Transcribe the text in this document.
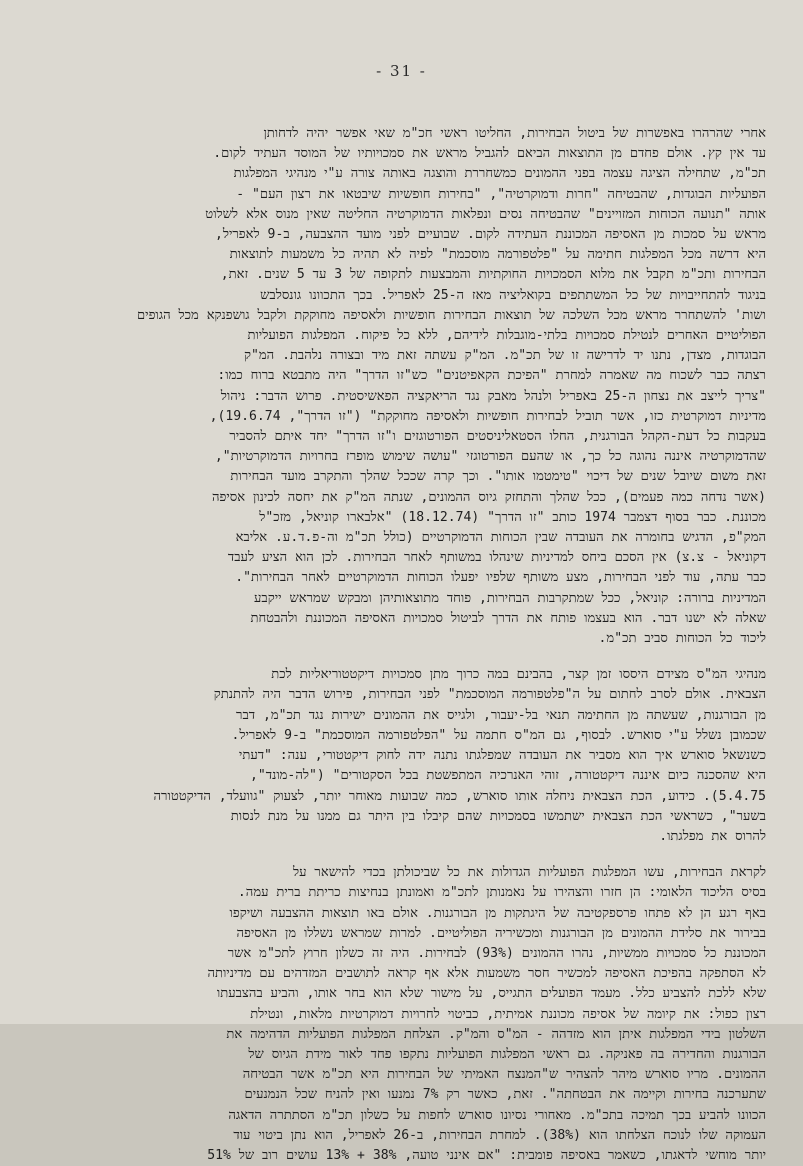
- 31 -

אחרי שהרהרו באפשרות של ביטול הבחירות, החליטו ראשי חכ"מ שאי אפשר יהיה לדחותן
עד אין קץ. אולם פחדם מן התוצאות הביאם להגביל מראש את סמכויותיו של המוסד העתיד לקום.
תכ"מ, שתחילה הציגה עצמה בפני ההמונים כמשחררת והוצגה באותה צורה ע"י מנהיגי המפלגות
הפועליות הבוגדות, שהבטיחה "חרות ודמוקרטיה", "בחירות חופשיות שיבטאו את רצון העם" -
אותה "תנועה הכוחות המזויינים" שהבטיחה נסים ונפלאות הדמוקרטיה החליטה שאין מנוס אלא לשלוט
מראש על סמכות מן האסיפה המכוננת העתידה לקום. שבועיים לפני מועד ההצבעה, ב-9 לאפריל,
היא דרשה מכל המפלגות חתימה על "פלטפורמה מוסכמת" לפיה לא תהיה כל משמעות לתוצאות
הבחירות ותכ"מ תקבל את מלוא הסמכויות החוקתיות והמבצעות לתקופה של 3 עד 5 שנים. זאת,
בניגוד להתחייבויות של כל המשתתפים בקואליציה מאז ה-25 לאפריל. בכך התכוונו גונסלבש
ושות' להשתחרר מראש מכל השלכה של תוצאות הבחירות חופשיות ולאסיפה מחוקקת ולקבל גושפנקא מכל הגופים
הפוליטיים האחרים לנטילת סמכויות בלתי-מוגבלות לידיהם, ללא כל פיקוח. המפלגות הפועליות
הבוגדות, מצדן, נתנו יד לדרישה זו של תכ"מ. המ"ק עשתה זאת מיד ובצורה נלהבת. המ"ק
רצתה כבר לשכוח מה שאמרה למחרת "הפיכת הקאפיטנים" כש"זו הדרך" היה מתבטא ברוח כמו:
"צריך לייצב את נצחון ה-25 באפריל ולנהל מאבק נגד הריאקציה הפאשיסטית. פרוש הדבר: ניהול
מדיניות דמוקרטית כזו, אשר תוביל לבחירות חופשיות ולאסיפה מחוקקת" ("זו הדרך", 19.6.74),
בעקבות כל דעת-הקהל הבורגנית, החלו הסטאליניסטים הפורטוגזים ו"זו הדרך" יחד איתם להסביר
שהדמוקרטיה איננה נהוגה כל כך, או שהעם הפורטוגזי "עושה שימוש מופרז בחרויות הדמוקרטיות",
זאת משום שיובל שנים של דיכוי "טימטמו אותו". וכך קרה שככל שהלך והתקרב מועד הבחירות
(אשר נדחה כמה פעמים), ככל שהלך והתחזק גיוס ההמונים, שנתה המ"ק את יחסה לכינון אסיפה
מכוננת. כבר בסוף דצמבר 1974 כותב "זו הדרך" (18.12.74) "אלבארו קוניאל, מזכ"ל
המק"פ, הדגיש בחומרה את העובדה שבין הכוחות הדמוקרטיים (כולל תכ"מ וה-פ.ד.ע. אליבא
דקוניאל - צ.צ) אין הסכם ביחס למדיניות שינהלו במשותף לאחר הבחירות. לכן הוא הציע לעבד
כבר עתה, עוד לפני הבחירות, מצע משותף שלפיו יפעלו הכוחות הדמוקרטיים לאחר הבחירות".
המדיניות ברורה: קוניאל, ככל שמתקרבות הבחירות, פוחד מתוצאותיהן ומבקש שמראש ייקבע
שאלה לא ישנו דבר. הוא בעצמו פותח את הדרך לביטול סמכויות האסיפה המכוננת ולהבטחת
ליכוד כל הכוחות סביב תכ"מ.

מנהיגי המ"ס מצידם היססו זמן קצר, בהבינם במה כרוך מתן סמכויות דיקטטוריאליות לכת
הצבאית. אולם לסרב לחתום על ה"פלטפורמה המוסכמת" לפני הבחירות, פירוש הדבר היה להתנתק
מן הבורגנות, שעשתה מן החתימה תנאי בל-יעבור, ולגייס את ההמונים ישירות נגד תכ"מ, דבר
שכמובן נשלל ע"י סוארש. לבסוף, גם המ"ס חתמה על "הפלטפורמה המוסכמת" ב-9 לאפריל.
כשנשאל סוארש איך הוא מסביר את העובדה שמפלגתו נתנה ידה לחוק דיקטטורי, ענה: "דעתי
היא שהסכנה כיום איננה דיקטטורה, זוהי האנרכיה המתפשטת בכל הסקטורים" ("לה-מונד",
5.4.75). כידוע, הכת הצבאית ניחלה אותו סוארש, כמה שבועות מאוחר יותר, לצעוק "גוועלד, הדיקטטורה
בשער", כשראשי הכת הצבאית ישתמשו בסמכויות שהם קיבלו בין היתר גם ממנו על מנת לנסות
להרוס את מפלגתו.

לקראת הבחירות, עשו המפלגות הפועליות הגדולות את כל שביכולתן בכדי להישאר על
בסיס הליכוד הלאומי: הן חזרו והצהירו על נאמנותן לתכ"מ ואמונתן בנחיצות כריתת ברית עמה.
באף רגע הן לא פתחו פרספקטיבה של היגתקות מן הבורגנות. אולם באו תוצאות ההצבעה ושיקפו
בבירור את סלידת ההמונים מן הבורגנות ומכשיריה הפוליטיים. למרות שמראש נשללו מן האסיפה
המכוננת כל סמכויות ממשיות, נהרו ההמונים (93%) לבחירות. היה זה כשלון חרוץ לתכ"מ אשר
לא הסתפקה בהפיכת האסיפה למכשיר חסר משמעות אלא אף קראה לתושבים המזדהים עם מדיניותה
שלא ללכת להצביע כלל. מעמד הפועלים התגייס, על מישור שלא הוא בחר אותו, והביע בהצבעתו
רצון כפול: את קיומה של אסיפה מכוננת אמיתית, כביטוי לחרויות דמוקרטיות מלאות, ונטילת
השלטון בידי המפלגות איתן הוא מזדהה - המ"ס והמ"ק. הצלחת המפלגות הפועליות הדהימה את
הבורגנות והחדירה בה פאניקה. גם ראשי המפלגות הפועליות נתקפו פחד לאור מידת הגיוס של
ההמונים. מריו סוארש מיהר להצהיר ש"המנצח האמיתי של הבחירות היא תכ"מ אשר הבטיחה
שתערכנה בחירות וקיימה את הבטחתה". זאת, כאשר רק 7% נמנעו ואין להניח שכל הנמנעים
הכוונו להביע בכך תמיכה בתכ"מ. מאחורי נסיונו סוארש לחפות על כשלון תכ"מ הסתתרה הדאגה
העמוקה שלו לנוכח הצלחתו הוא (38%). למחרת הבחירות, ב-26 לאפריל, הוא נתן ביטוי עוד
יותר מוחשי לדאגתו, כשאמר באסיפה פומבית: "אם אינני טועה, 38% + 13% עושים רוב של 51%
